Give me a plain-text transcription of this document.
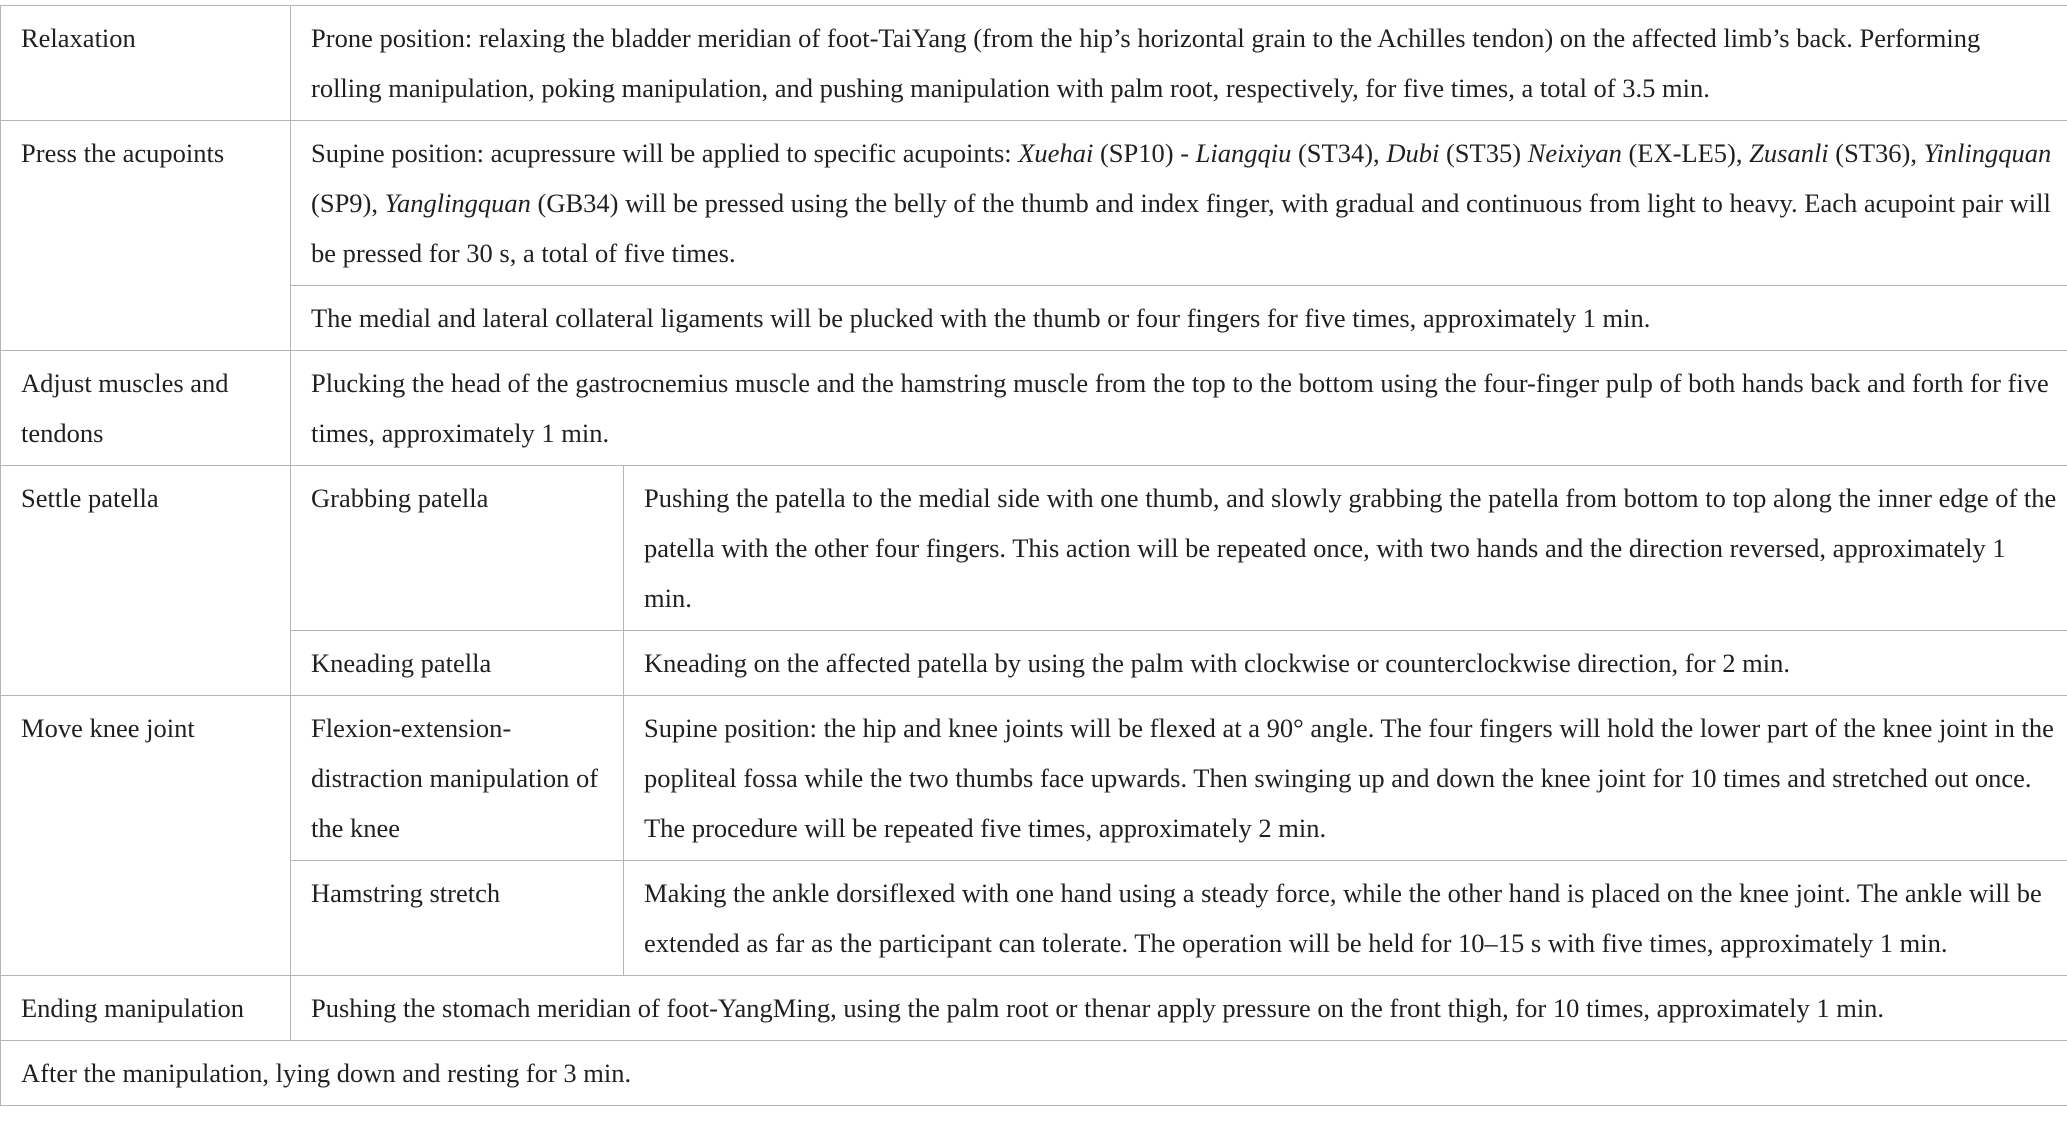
Relaxation	Prone position: relaxing the bladder meridian of foot-TaiYang (from the hip’s horizontal grain to the Achilles tendon) on the affected limb’s back. Performing rolling manipulation, poking manipulation, and pushing manipulation with palm root, respectively, for five times, a total of 3.5 min.	
Press the acupoints	Supine position: acupressure will be applied to specific acupoints: Xuehai (SP10) - Liangqiu (ST34), Dubi (ST35) Neixiyan (EX-LE5), Zusanli (ST36), Yinlingquan (SP9), Yanglingquan (GB34) will be pressed using the belly of the thumb and index finger, with gradual and continuous from light to heavy. Each acupoint pair will be pressed for 30 s, a total of five times.	
	The medial and lateral collateral ligaments will be plucked with the thumb or four fingers for five times, approximately 1 min.	
Adjust muscles and tendons	Plucking the head of the gastrocnemius muscle and the hamstring muscle from the top to the bottom using the four-finger pulp of both hands back and forth for five times, approximately 1 min.	
Settle patella	Grabbing patella	Pushing the patella to the medial side with one thumb, and slowly grabbing the patella from bottom to top along the inner edge of the patella with the other four fingers. This action will be repeated once, with two hands and the direction reversed, approximately 1 min.
	Kneading patella	Kneading on the affected patella by using the palm with clockwise or counterclockwise direction, for 2 min.
Move knee joint	Flexion-extension-distraction manipulation of the knee	Supine position: the hip and knee joints will be flexed at a 90° angle. The four fingers will hold the lower part of the knee joint in the popliteal fossa while the two thumbs face upwards. Then swinging up and down the knee joint for 10 times and stretched out once. The procedure will be repeated five times, approximately 2 min.
	Hamstring stretch	Making the ankle dorsiflexed with one hand using a steady force, while the other hand is placed on the knee joint. The ankle will be extended as far as the participant can tolerate. The operation will be held for 10–15 s with five times, approximately 1 min.
Ending manipulation	Pushing the stomach meridian of foot-YangMing, using the palm root or thenar apply pressure on the front thigh, for 10 times, approximately 1 min.	
After the manipulation, lying down and resting for 3 min.		
